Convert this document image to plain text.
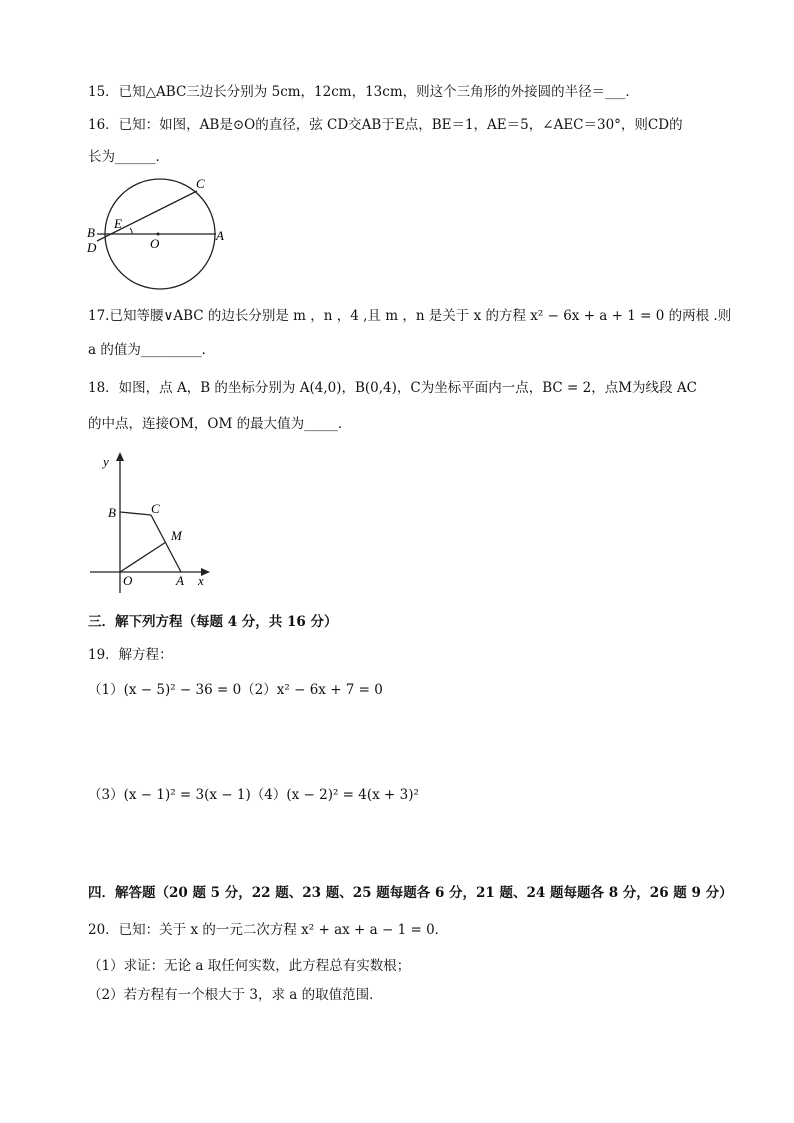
15．已知△ABC三边长分别为 5cm，12cm，13cm，则这个三角形的外接圆的半径＝___．
16．已知：如图，AB是⊙O的直径，弦 CD交AB于E点，BE＝1，AE＝5，∠AEC＝30°，则CD的
长为______．
C
E
B
D	O
A
17.已知等腰∨ABC 的边长分别是 m ，n ，4 ,且 m ，n 是关于 x 的方程 x² − 6x + a + 1 = 0 的两根 .则
a 的值为_________．
18．如图，点 A，B 的坐标分别为 A(4,0)，B(0,4)，C为坐标平面内一点，BC = 2，点M为线段 AC
的中点，连接OM，OM 的最大值为_____．
y
x
B	C
M
O	A
三．解下列方程（每题 4 分，共 16 分）
19．解方程：
（1）(x − 5)² − 36 = 0（2）x² − 6x + 7 = 0
（3）(x − 1)² = 3(x − 1)（4）(x − 2)² = 4(x + 3)²
四．解答题（20 题 5 分，22 题、23 题、25 题每题各 6 分，21 题、24 题每题各 8 分，26 题 9 分）
20．已知：关于 x 的一元二次方程 x² + ax + a − 1 = 0．
（1）求证：无论 a 取任何实数，此方程总有实数根；
（2）若方程有一个根大于 3，求 a 的取值范围．
